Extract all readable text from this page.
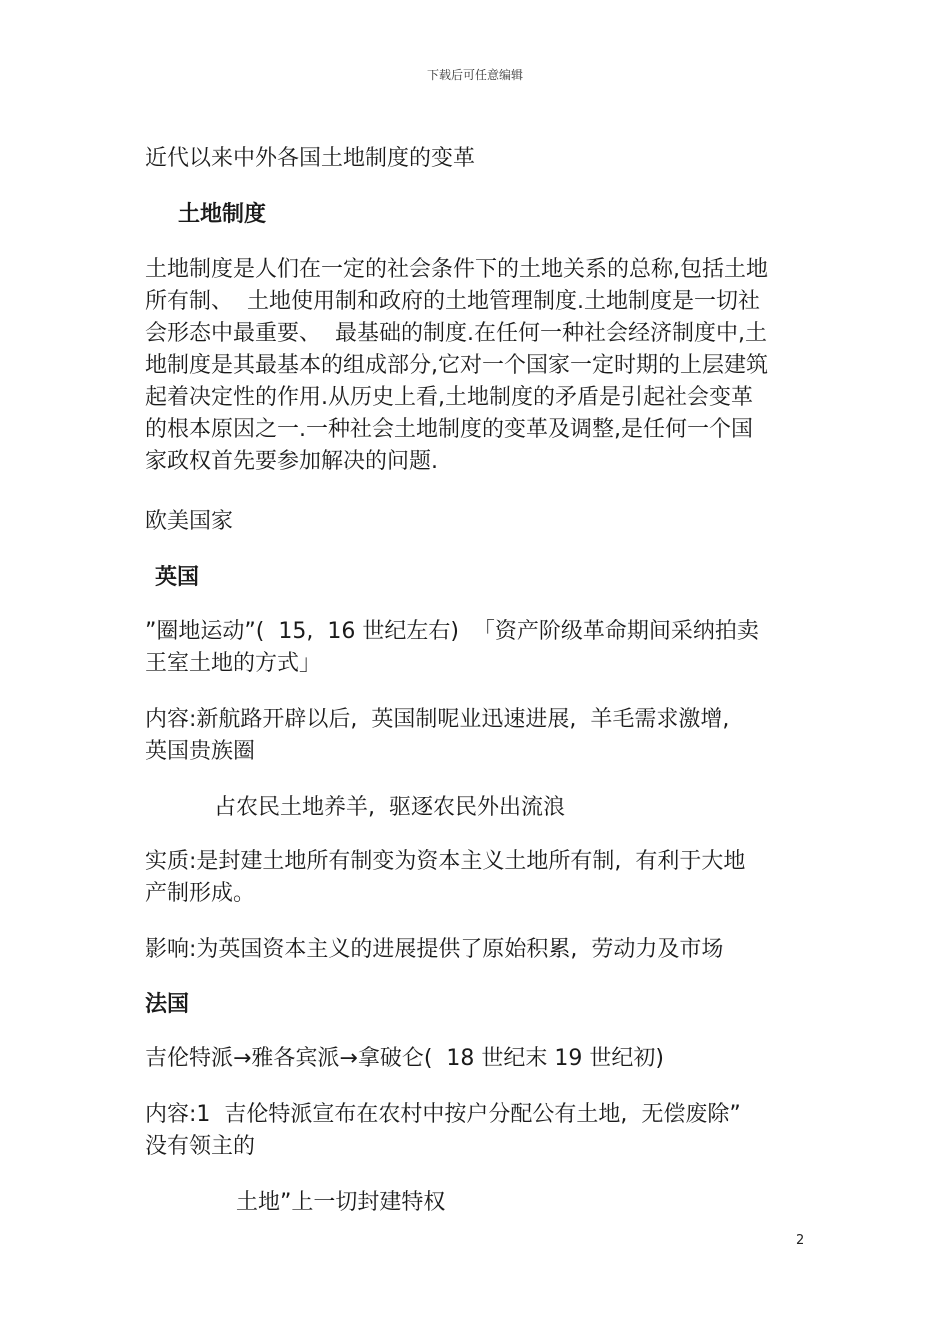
下载后可任意编辑
近代以来中外各国土地制度的变革
土地制度
土地制度是人们在一定的社会条件下的土地关系的总称,包括土地
所有制、  土地使用制和政府的土地管理制度.土地制度是一切社
会形态中最重要、  最基础的制度.在任何一种社会经济制度中,土
地制度是其最基本的组成部分,它对一个国家一定时期的上层建筑
起着决定性的作用.从历史上看,土地制度的矛盾是引起社会变革
的根本原因之一.一种社会土地制度的变革及调整,是任何一个国
家政权首先要参加解决的问题.
欧美国家
英国
”圈地运动”(  15,  16 世纪左右)  「资产阶级革命期间采纳拍卖
王室土地的方式」
内容:新航路开辟以后,  英国制呢业迅速进展,  羊毛需求激增,
英国贵族圈
占农民土地养羊,  驱逐农民外出流浪
实质:是封建土地所有制变为资本主义土地所有制,  有利于大地
产制形成。
影响:为英国资本主义的进展提供了原始积累,  劳动力及市场
法国
吉伦特派→雅各宾派→拿破仑(  18 世纪末 19 世纪初)
内容:1  吉伦特派宣布在农村中按户分配公有土地,  无偿废除”
没有领主的
土地”上一切封建特权
2
